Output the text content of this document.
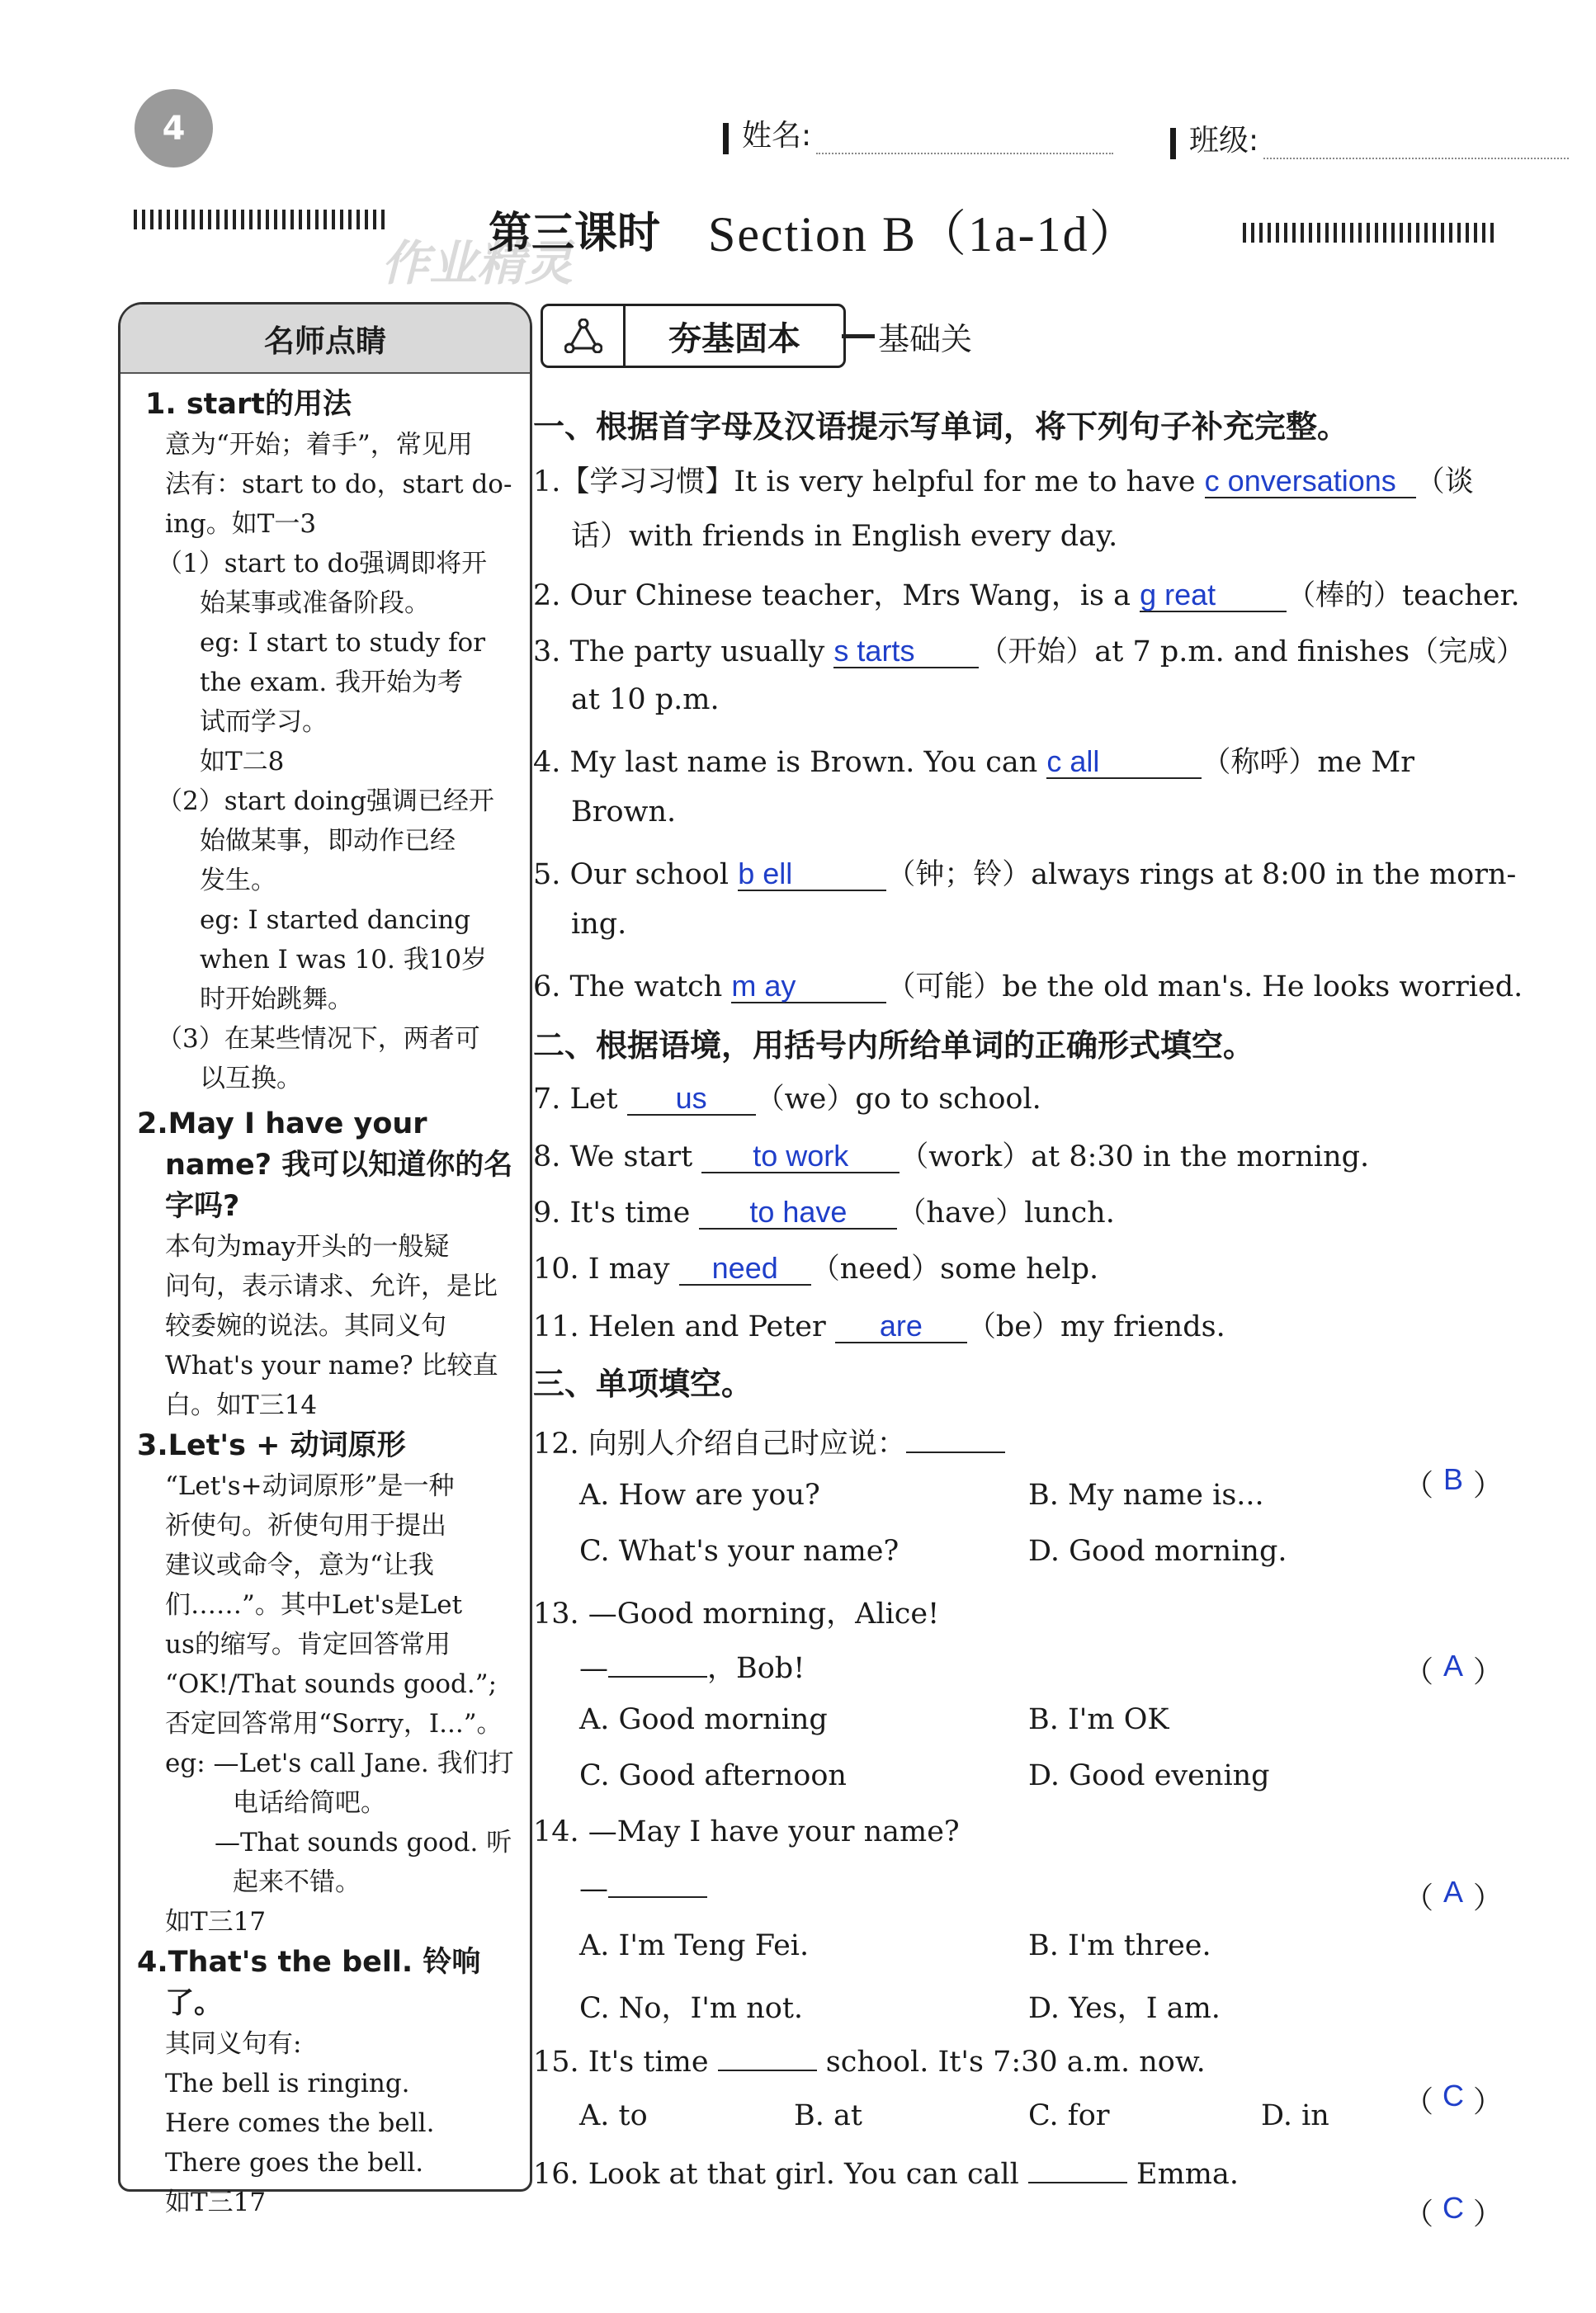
4	姓名:	班级:
作业精灵
第三课时 Section B（1a-1d）
名师点睛
1. start的用法
意为“开始；着手”，常见用
法有：start to do，start do-
ing。如T一3
（1）start to do强调即将开
始某事或准备阶段。
eg: I start to study for
the exam. 我开始为考
试而学习。
如T二8
（2）start doing强调已经开
始做某事，即动作已经
发生。
eg: I started dancing
when I was 10. 我10岁
时开始跳舞。
（3）在某些情况下，两者可
以互换。
2.May I have your
name? 我可以知道你的名
字吗?
本句为may开头的一般疑
问句，表示请求、允许，是比
较委婉的说法。其同义句
What's your name? 比较直
白。如T三14
3.Let's + 动词原形
“Let's+动词原形”是一种
祈使句。祈使句用于提出
建议或命令，意为“让我
们……”。其中Let's是Let
us的缩写。肯定回答常用
“OK!/That sounds good.”;
否定回答常用“Sorry，I...”。
eg: —Let's call Jane. 我们打
电话给简吧。
—That sounds good. 听
起来不错。
如T三17
4.That's the bell. 铃响
了。
其同义句有:
The bell is ringing.
Here comes the bell.
There goes the bell.
如T三17
夯基固本	基础关
一、根据首字母及汉语提示写单词，将下列句子补充完整。
1.【学习习惯】It is very helpful for me to have c onversations （谈
话）with friends in English every day.
2. Our Chinese teacher，Mrs Wang，is a g reat （棒的）teacher.
3. The party usually s tarts （开始）at 7 p.m. and finishes（完成）
at 10 p.m.
4. My last name is Brown. You can c all	（称呼）me Mr
Brown.
5. Our school b ell	（钟；铃）always rings at 8:00 in the morn-
ing.
6. The watch m ay	（可能）be the old man's. He looks worried.
二、根据语境，用括号内所给单词的正确形式填空。
7. Let us （we）go to school.
8. We start to work （work）at 8:30 in the morning.
9. It's time to have （have）lunch.
10. I may need （need）some help.
11. Helen and Peter are （be）my friends.
三、单项填空。
12. 向别人介绍自己时应说：
（ B ）
A. How are you?	B. My name is...
C. What's your name?	D. Good morning.
13. —Good morning，Alice!
—	，Bob!	（ A ）
A. Good morning	B. I'm OK
C. Good afternoon	D. Good evening
14. —May I have your name?
—	（ A ）
A. I'm Teng Fei.	B. I'm three.
C. No，I'm not.	D. Yes，I am.
15. It's time	school. It's 7:30 a.m. now.
（ C ）
A. to	B. at	C. for	D. in
16. Look at that girl. You can call	Emma.
（ C ）
